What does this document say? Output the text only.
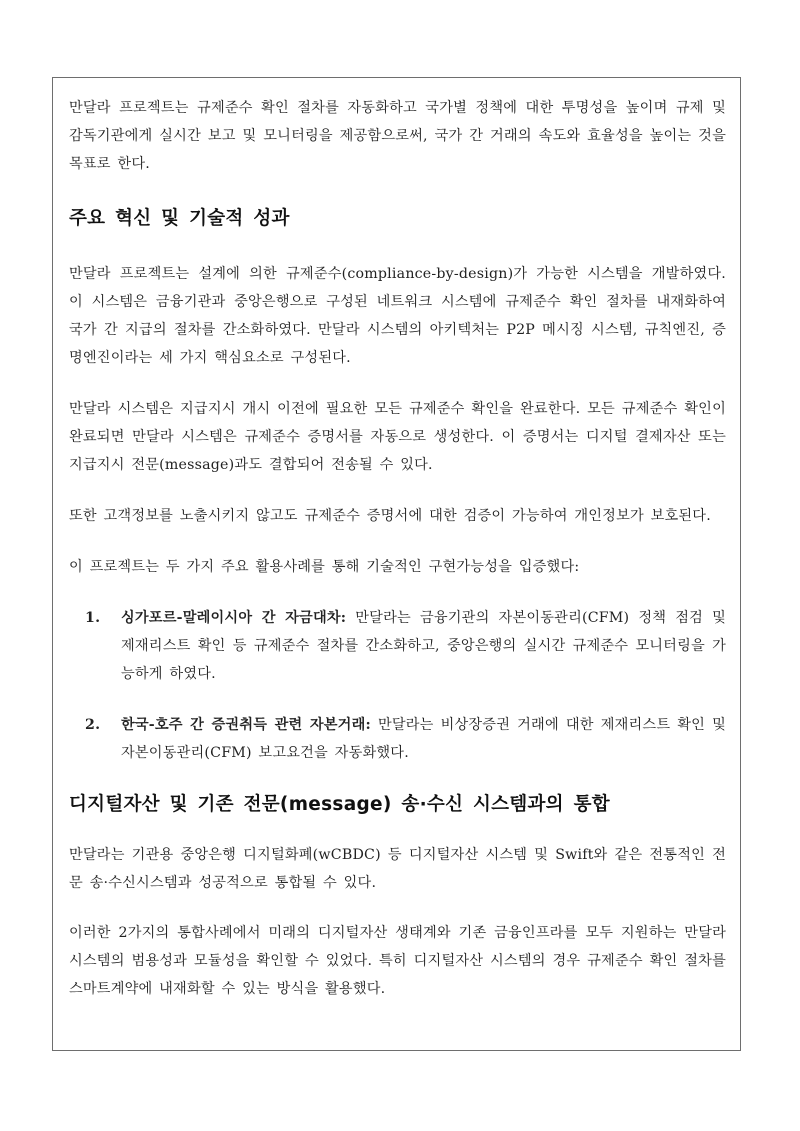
만달라 프로젝트는 규제준수 확인 절차를 자동화하고 국가별 정책에 대한 투명성을 높이며 규제 및 감독기관에게 실시간 보고 및 모니터링을 제공함으로써, 국가 간 거래의 속도와 효율성을 높이는 것을 목표로 한다.

주요 혁신 및 기술적 성과

만달라 프로젝트는 설계에 의한 규제준수(compliance-by-design)가 가능한 시스템을 개발하였다. 이 시스템은 금융기관과 중앙은행으로 구성된 네트워크 시스템에 규제준수 확인 절차를 내재화하여 국가 간 지급의 절차를 간소화하였다. 만달라 시스템의 아키텍처는 P2P 메시징 시스템, 규칙엔진, 증명엔진이라는 세 가지 핵심요소로 구성된다.

만달라 시스템은 지급지시 개시 이전에 필요한 모든 규제준수 확인을 완료한다. 모든 규제준수 확인이 완료되면 만달라 시스템은 규제준수 증명서를 자동으로 생성한다. 이 증명서는 디지털 결제자산 또는 지급지시 전문(message)과도 결합되어 전송될 수 있다.

또한 고객정보를 노출시키지 않고도 규제준수 증명서에 대한 검증이 가능하여 개인정보가 보호된다.

이 프로젝트는 두 가지 주요 활용사례를 통해 기술적인 구현가능성을 입증했다:

1. 싱가포르-말레이시아 간 자금대차: 만달라는 금융기관의 자본이동관리(CFM) 정책 점검 및 제재리스트 확인 등 규제준수 절차를 간소화하고, 중앙은행의 실시간 규제준수 모니터링을 가능하게 하였다.
2. 한국-호주 간 증권취득 관련 자본거래: 만달라는 비상장증권 거래에 대한 제재리스트 확인 및 자본이동관리(CFM) 보고요건을 자동화했다.
디지털자산 및 기존 전문(message) 송·수신 시스템과의 통합

만달라는 기관용 중앙은행 디지털화폐(wCBDC) 등 디지털자산 시스템 및 Swift와 같은 전통적인 전문 송·수신시스템과 성공적으로 통합될 수 있다.

이러한 2가지의 통합사례에서 미래의 디지털자산 생태계와 기존 금융인프라를 모두 지원하는 만달라 시스템의 범용성과 모듈성을 확인할 수 있었다. 특히 디지털자산 시스템의 경우 규제준수 확인 절차를 스마트계약에 내재화할 수 있는 방식을 활용했다.
